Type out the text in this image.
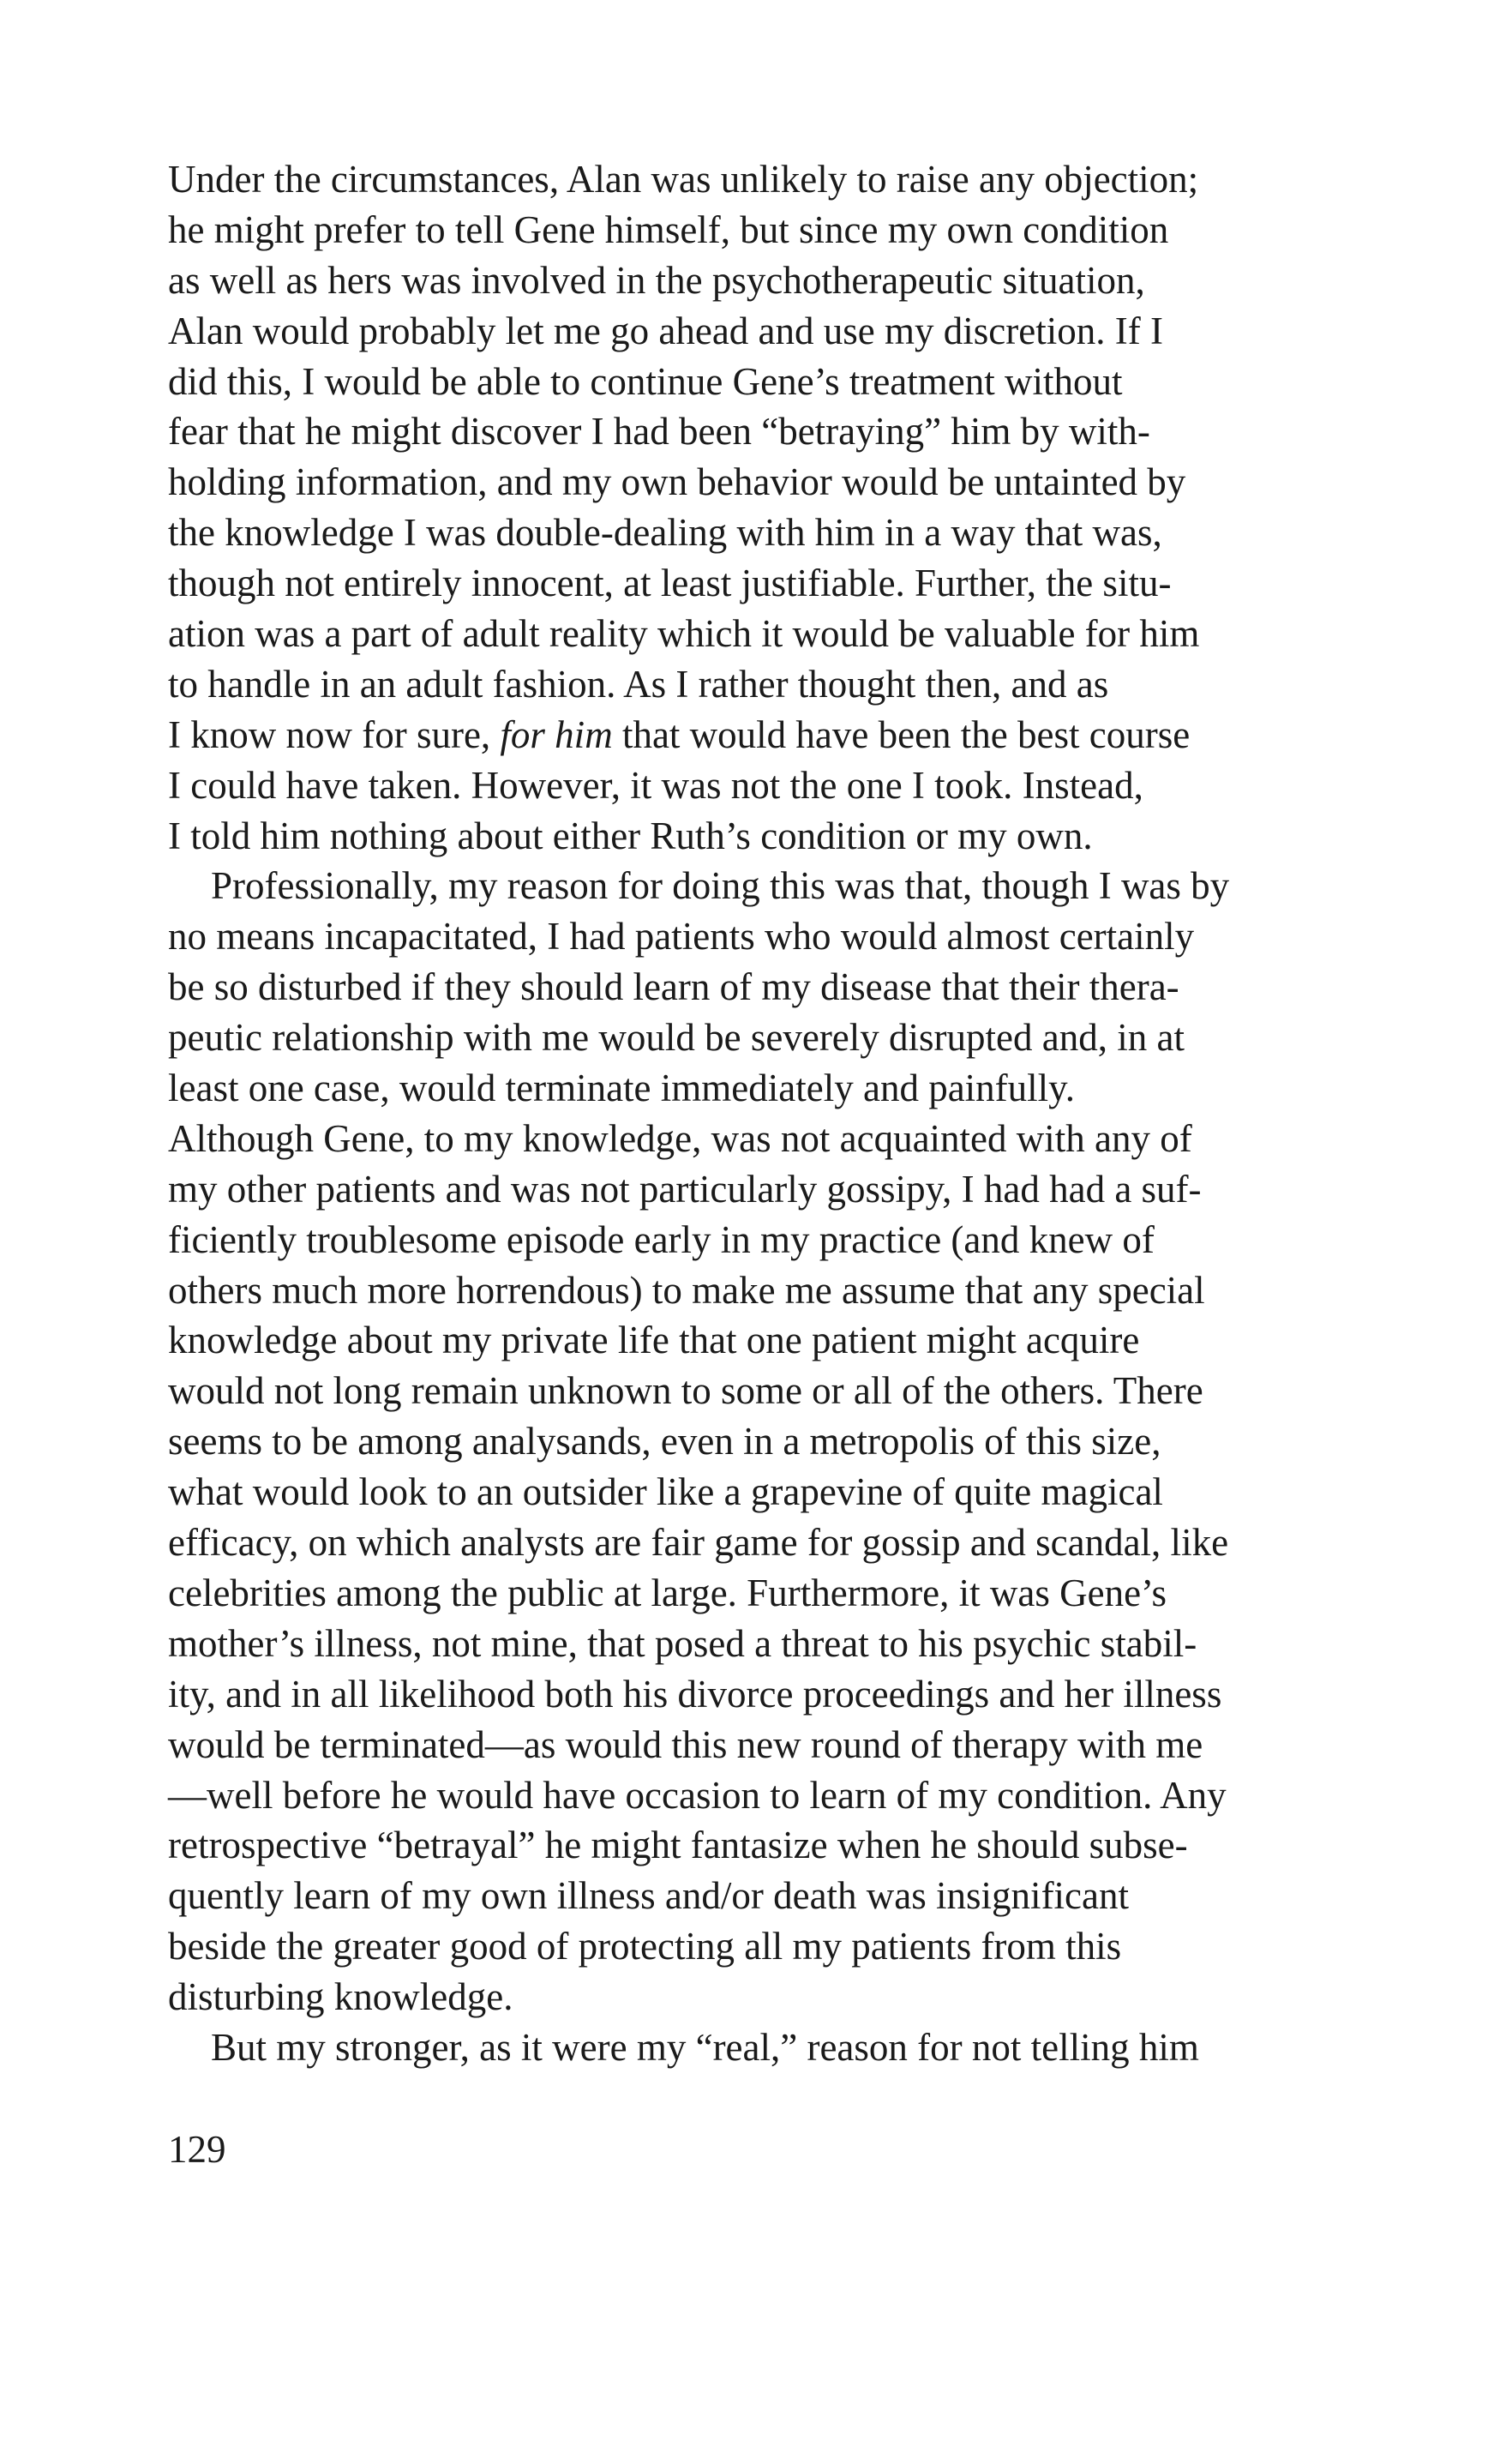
Under the circumstances, Alan was unlikely to raise any objection;
he might prefer to tell Gene himself, but since my own condition
as well as hers was involved in the psychotherapeutic situation,
Alan would probably let me go ahead and use my discretion. If I
did this, I would be able to continue Gene’s treatment without
fear that he might discover I had been “betraying” him by with-
holding information, and my own behavior would be untainted by
the knowledge I was double-dealing with him in a way that was,
though not entirely innocent, at least justifiable. Further, the situ-
ation was a part of adult reality which it would be valuable for him
to handle in an adult fashion. As I rather thought then, and as
I know now for sure, for him that would have been the best course
I could have taken. However, it was not the one I took. Instead,
I told him nothing about either Ruth’s condition or my own.
Professionally, my reason for doing this was that, though I was by
no means incapacitated, I had patients who would almost certainly
be so disturbed if they should learn of my disease that their thera-
peutic relationship with me would be severely disrupted and, in at
least one case, would terminate immediately and painfully.
Although Gene, to my knowledge, was not acquainted with any of
my other patients and was not particularly gossipy, I had had a suf-
ficiently troublesome episode early in my practice (and knew of
others much more horrendous) to make me assume that any special
knowledge about my private life that one patient might acquire
would not long remain unknown to some or all of the others. There
seems to be among analysands, even in a metropolis of this size,
what would look to an outsider like a grapevine of quite magical
efficacy, on which analysts are fair game for gossip and scandal, like
celebrities among the public at large. Furthermore, it was Gene’s
mother’s illness, not mine, that posed a threat to his psychic stabil-
ity, and in all likelihood both his divorce proceedings and her illness
would be terminated—as would this new round of therapy with me
—well before he would have occasion to learn of my condition. Any
retrospective “betrayal” he might fantasize when he should subse-
quently learn of my own illness and/or death was insignificant
beside the greater good of protecting all my patients from this
disturbing knowledge.
But my stronger, as it were my “real,” reason for not telling him
129
